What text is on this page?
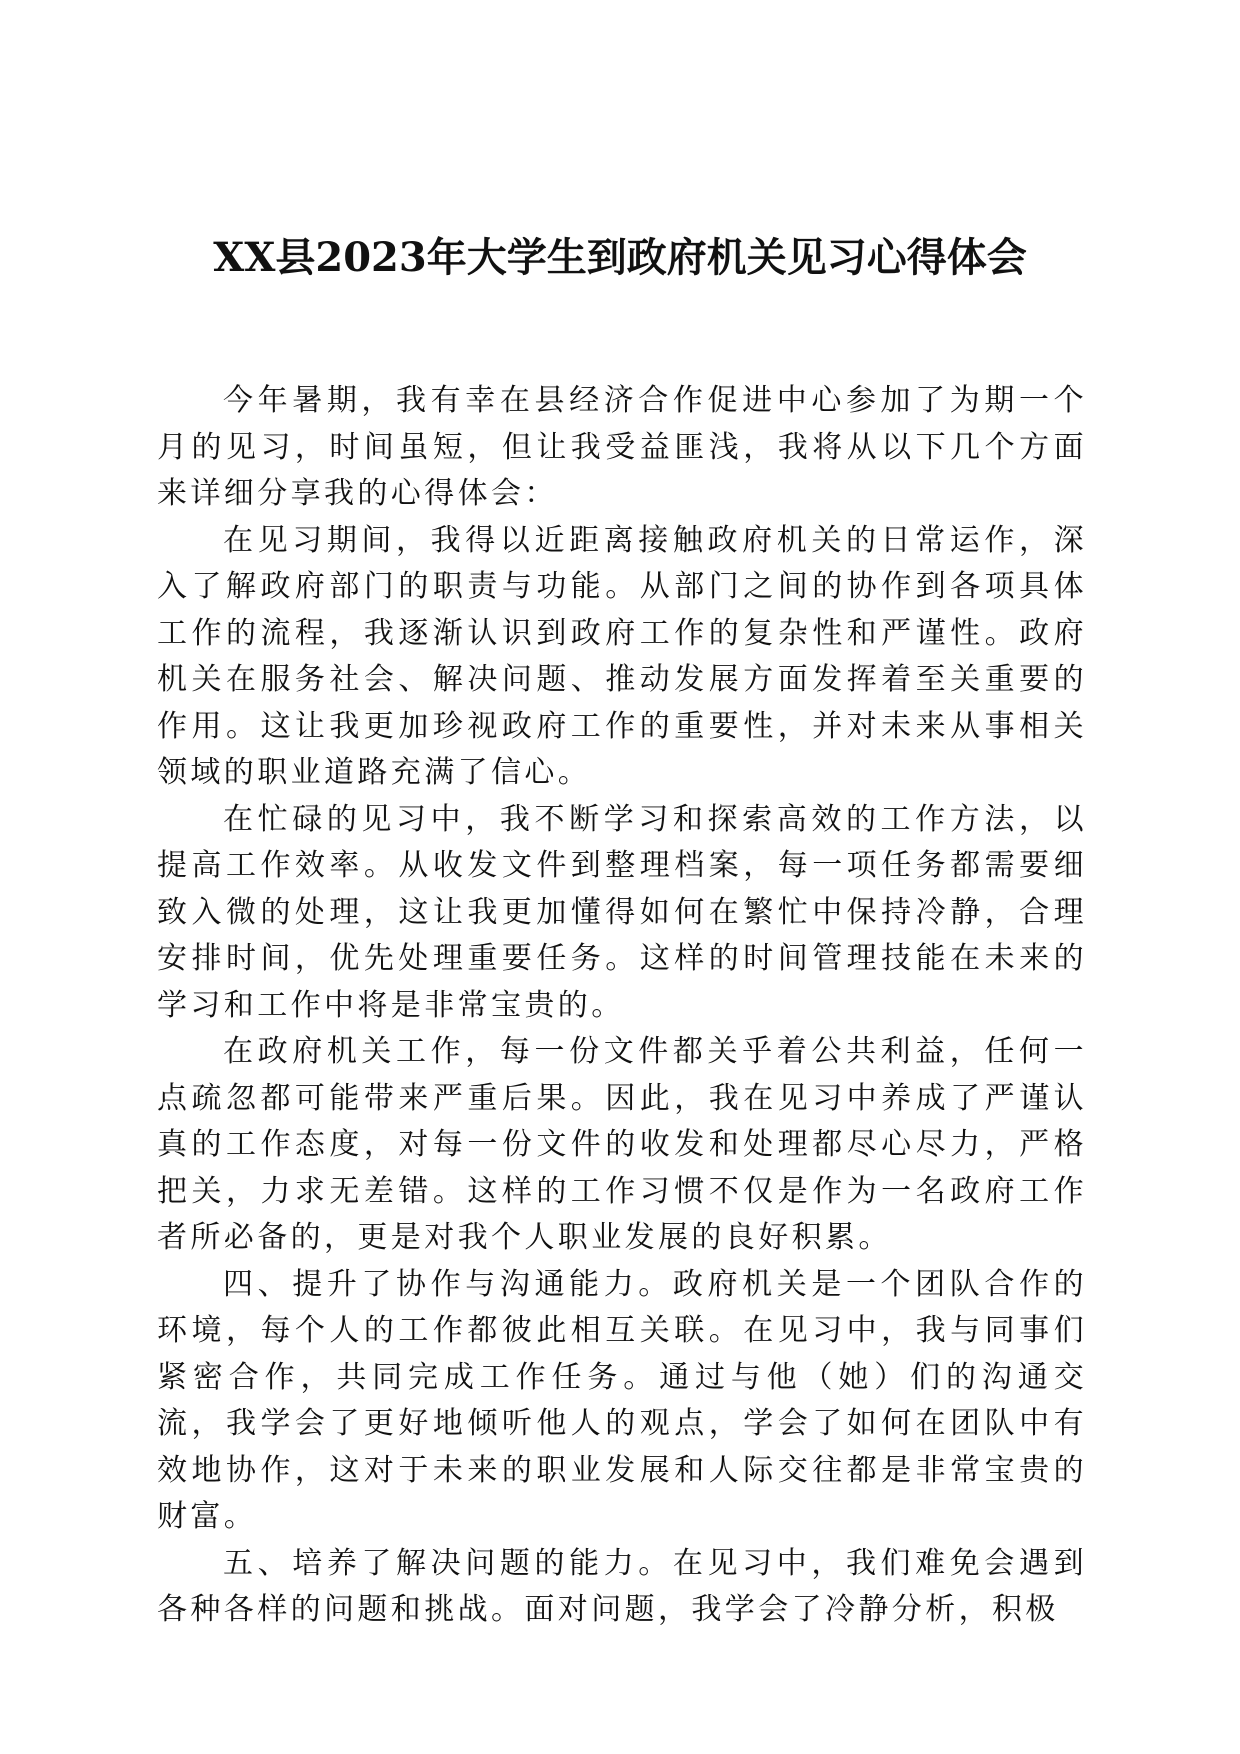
XX县2023年大学生到政府机关见习心得体会

今年暑期，我有幸在县经济合作促进中心参加了为期一个月的见习，时间虽短，但让我受益匪浅，我将从以下几个方面来详细分享我的心得体会：

在见习期间，我得以近距离接触政府机关的日常运作，深入了解政府部门的职责与功能。从部门之间的协作到各项具体工作的流程，我逐渐认识到政府工作的复杂性和严谨性。政府机关在服务社会、解决问题、推动发展方面发挥着至关重要的作用。这让我更加珍视政府工作的重要性，并对未来从事相关领域的职业道路充满了信心。

在忙碌的见习中，我不断学习和探索高效的工作方法，以提高工作效率。从收发文件到整理档案，每一项任务都需要细致入微的处理，这让我更加懂得如何在繁忙中保持冷静，合理安排时间，优先处理重要任务。这样的时间管理技能在未来的学习和工作中将是非常宝贵的。

在政府机关工作，每一份文件都关乎着公共利益，任何一点疏忽都可能带来严重后果。因此，我在见习中养成了严谨认真的工作态度，对每一份文件的收发和处理都尽心尽力，严格把关，力求无差错。这样的工作习惯不仅是作为一名政府工作者所必备的，更是对我个人职业发展的良好积累。

四、提升了协作与沟通能力。政府机关是一个团队合作的环境，每个人的工作都彼此相互关联。在见习中，我与同事们紧密合作，共同完成工作任务。通过与他（她）们的沟通交流，我学会了更好地倾听他人的观点，学会了如何在团队中有效地协作，这对于未来的职业发展和人际交往都是非常宝贵的财富。

五、培养了解决问题的能力。在见习中，我们难免会遇到各种各样的问题和挑战。面对问题，我学会了冷静分析，积极
